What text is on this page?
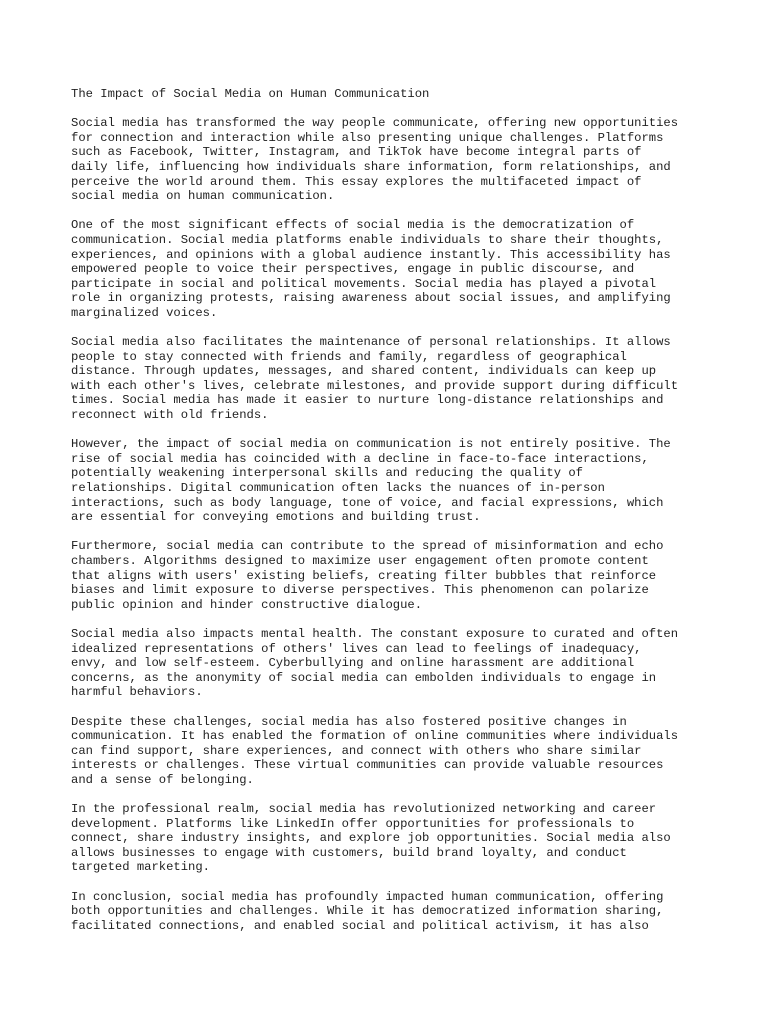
The Impact of Social Media on Human Communication
Social media has transformed the way people communicate, offering new opportunities
for connection and interaction while also presenting unique challenges. Platforms
such as Facebook, Twitter, Instagram, and TikTok have become integral parts of
daily life, influencing how individuals share information, form relationships, and
perceive the world around them. This essay explores the multifaceted impact of
social media on human communication.
One of the most significant effects of social media is the democratization of
communication. Social media platforms enable individuals to share their thoughts,
experiences, and opinions with a global audience instantly. This accessibility has
empowered people to voice their perspectives, engage in public discourse, and
participate in social and political movements. Social media has played a pivotal
role in organizing protests, raising awareness about social issues, and amplifying
marginalized voices.
Social media also facilitates the maintenance of personal relationships. It allows
people to stay connected with friends and family, regardless of geographical
distance. Through updates, messages, and shared content, individuals can keep up
with each other's lives, celebrate milestones, and provide support during difficult
times. Social media has made it easier to nurture long-distance relationships and
reconnect with old friends.
However, the impact of social media on communication is not entirely positive. The
rise of social media has coincided with a decline in face-to-face interactions,
potentially weakening interpersonal skills and reducing the quality of
relationships. Digital communication often lacks the nuances of in-person
interactions, such as body language, tone of voice, and facial expressions, which
are essential for conveying emotions and building trust.
Furthermore, social media can contribute to the spread of misinformation and echo
chambers. Algorithms designed to maximize user engagement often promote content
that aligns with users' existing beliefs, creating filter bubbles that reinforce
biases and limit exposure to diverse perspectives. This phenomenon can polarize
public opinion and hinder constructive dialogue.
Social media also impacts mental health. The constant exposure to curated and often
idealized representations of others' lives can lead to feelings of inadequacy,
envy, and low self-esteem. Cyberbullying and online harassment are additional
concerns, as the anonymity of social media can embolden individuals to engage in
harmful behaviors.
Despite these challenges, social media has also fostered positive changes in
communication. It has enabled the formation of online communities where individuals
can find support, share experiences, and connect with others who share similar
interests or challenges. These virtual communities can provide valuable resources
and a sense of belonging.
In the professional realm, social media has revolutionized networking and career
development. Platforms like LinkedIn offer opportunities for professionals to
connect, share industry insights, and explore job opportunities. Social media also
allows businesses to engage with customers, build brand loyalty, and conduct
targeted marketing.
In conclusion, social media has profoundly impacted human communication, offering
both opportunities and challenges. While it has democratized information sharing,
facilitated connections, and enabled social and political activism, it has also
